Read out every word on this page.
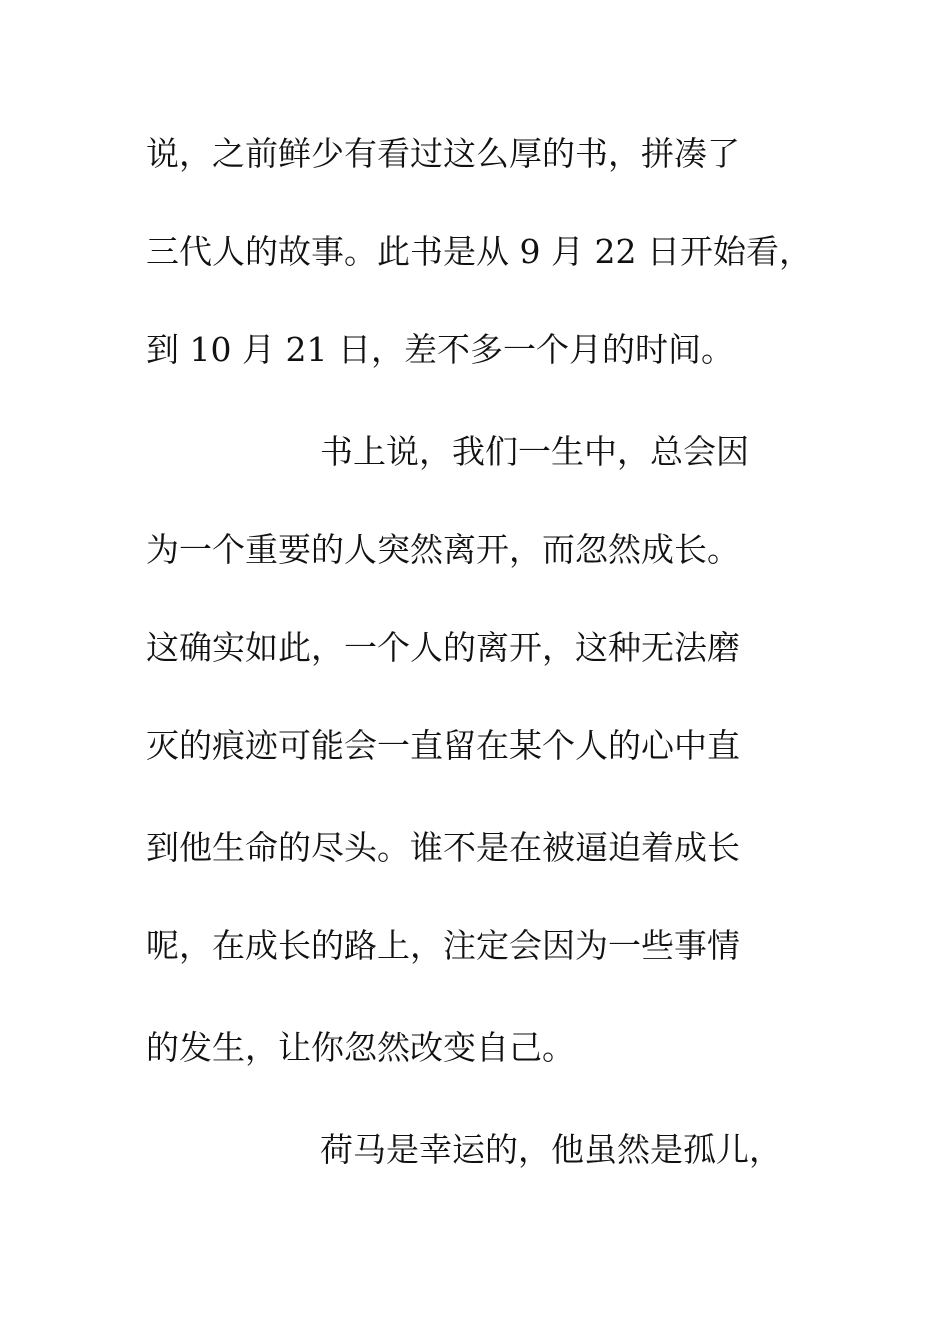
说，之前鲜少有看过这么厚的书，拼凑了
三代人的故事。此书是从 9 月 22 日开始看，
到 10 月 21 日，差不多一个月的时间。
书上说，我们一生中，总会因
为一个重要的人突然离开，而忽然成长。
这确实如此，一个人的离开，这种无法磨
灭的痕迹可能会一直留在某个人的心中直
到他生命的尽头。谁不是在被逼迫着成长
呢，在成长的路上，注定会因为一些事情
的发生，让你忽然改变自己。
荷马是幸运的，他虽然是孤儿，
